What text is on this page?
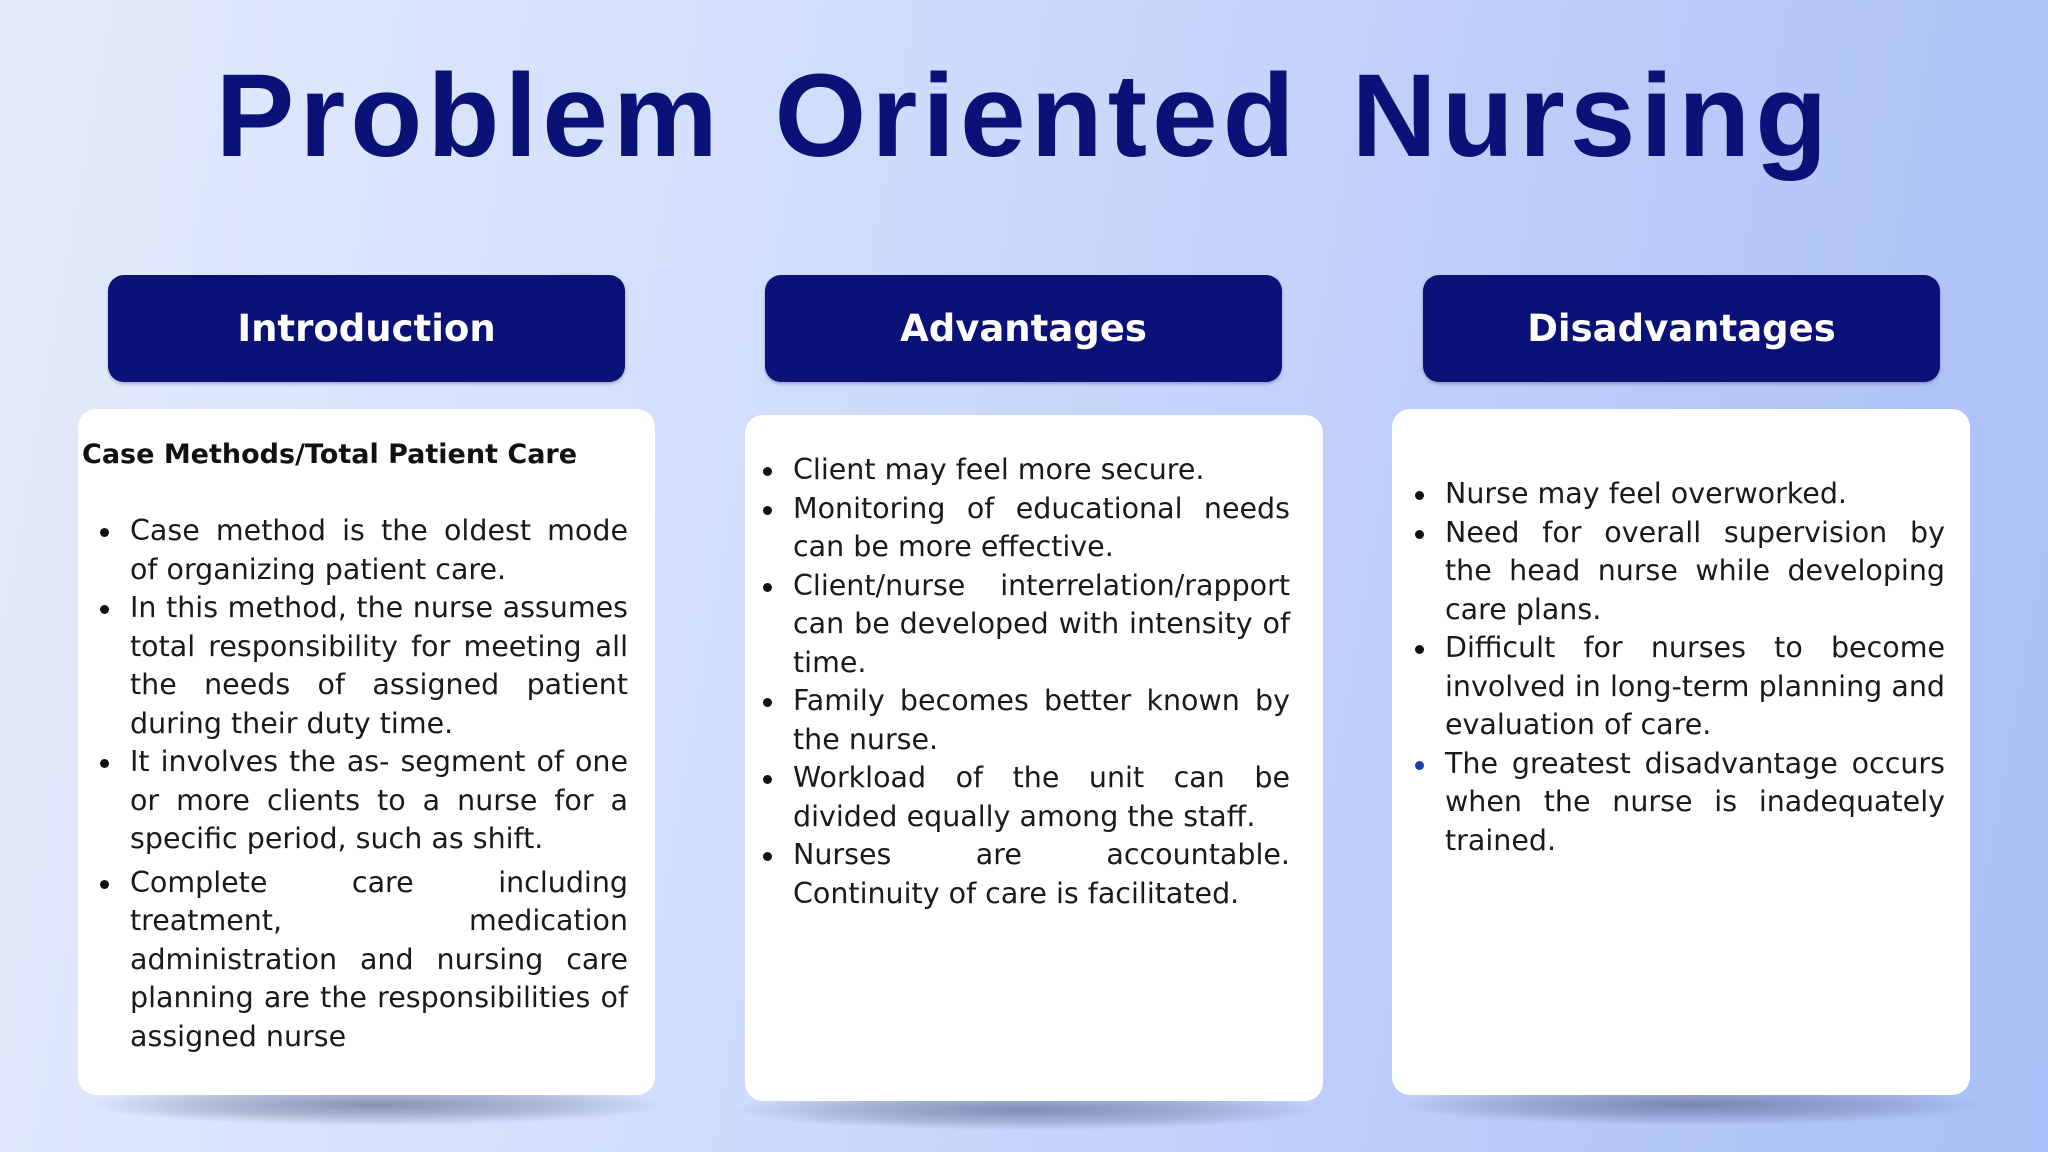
Problem Oriented Nursing
Introduction	Advantages	Disadvantages
Case Methods/Total Patient Care
Case method is the oldest mode of organizing patient care.
In this method, the nurse assumes total responsibility for meeting all the needs of assigned patient during their duty time.
It involves the as- segment of one or more clients to a nurse for a specific period, such as shift.
Complete care including treatment, medication administration and nursing care planning are the responsibilities of assigned nurse
Client may feel more secure.
Monitoring of educational needs can be more effective.
Client/nurse interrelation/rapport can be developed with intensity of time.
Family becomes better known by the nurse.
Workload of the unit can be divided equally among the staff.
Nurses are accountable. Continuity of care is facilitated.
Nurse may feel overworked.
Need for overall supervision by the head nurse while developing care plans.
Difficult for nurses to become involved in long-term planning and evaluation of care.
The greatest disadvantage occurs when the nurse is inadequately trained.
